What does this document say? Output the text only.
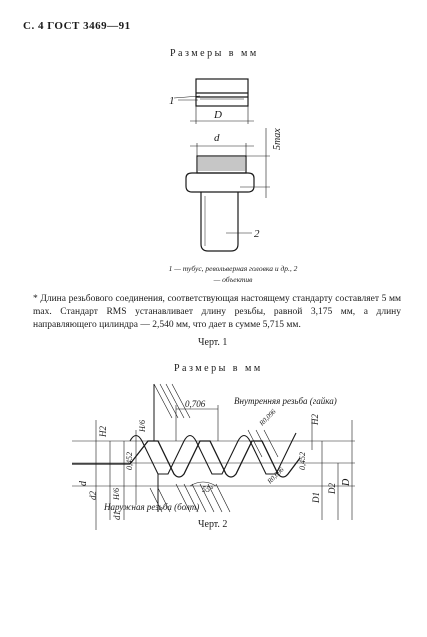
С. 4 ГОСТ 3469—91
Размеры в мм
D
d	5max
1
2
1 — тубус, револьверная головка и др., 2 — объектив
* Длина резьбового соединения, соответствующая настоящему стандарту составляет 5 мм max. Стандарт RMS устанавливает длину резьбы, равной 3,175 мм, а длину направляющего цилиндра — 2,540 мм, что дает в сумме 5,715 мм.
Черт. 1
Размеры в мм
Внутренняя резьба (гайка)
Наружная резьба (болт)
0,706
H/6
H/6
H2
H2
d
d2
d1
D1
D2
D
0,452	0,452
55°
R0,096
R0,096
Черт. 2
